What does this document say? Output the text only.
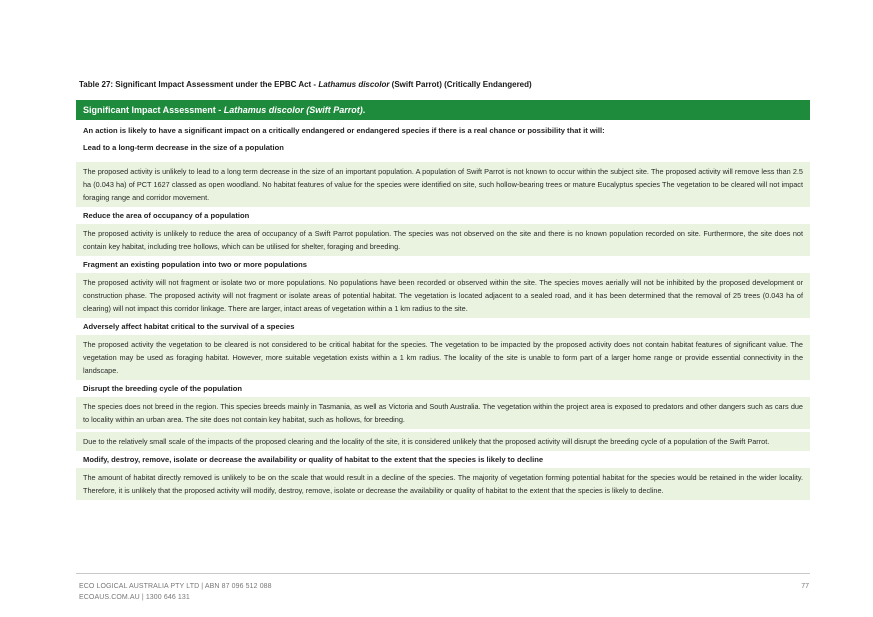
Table 27: Significant Impact Assessment under the EPBC Act - Lathamus discolor (Swift Parrot) (Critically Endangered)
Significant Impact Assessment - Lathamus discolor (Swift Parrot).
An action is likely to have a significant impact on a critically endangered or endangered species if there is a real chance or possibility that it will:
Lead to a long-term decrease in the size of a population
The proposed activity is unlikely to lead to a long term decrease in the size of an important population. A population of Swift Parrot is not known to occur within the subject site. The proposed activity will remove less than 2.5 ha (0.043 ha) of PCT 1627 classed as open woodland. No habitat features of value for the species were identified on site, such hollow-bearing trees or mature Eucalyptus species The vegetation to be cleared will not impact foraging range and corridor movement.
Reduce the area of occupancy of a population
The proposed activity is unlikely to reduce the area of occupancy of a Swift Parrot population. The species was not observed on the site and there is no known population recorded on site. Furthermore, the site does not contain key habitat, including tree hollows, which can be utilised for shelter, foraging and breeding.
Fragment an existing population into two or more populations
The proposed activity will not fragment or isolate two or more populations. No populations have been recorded or observed within the site. The species moves aerially will not be inhibited by the proposed development or construction phase. The proposed activity will not fragment or isolate areas of potential habitat. The vegetation is located adjacent to a sealed road, and it has been determined that the removal of 25 trees (0.043 ha of clearing) will not impact this corridor linkage. There are larger, intact areas of vegetation within a 1 km radius to the site.
Adversely affect habitat critical to the survival of a species
The proposed activity the vegetation to be cleared is not considered to be critical habitat for the species. The vegetation to be impacted by the proposed activity does not contain habitat features of significant value. The vegetation may be used as foraging habitat. However, more suitable vegetation exists within a 1 km radius. The locality of the site is unable to form part of a larger home range or provide essential connectivity in the landscape.
Disrupt the breeding cycle of the population
The species does not breed in the region. This species breeds mainly in Tasmania, as well as Victoria and South Australia. The vegetation within the project area is exposed to predators and other dangers such as cars due to locality within an urban area. The site does not contain key habitat, such as hollows, for breeding.
Due to the relatively small scale of the impacts of the proposed clearing and the locality of the site, it is considered unlikely that the proposed activity will disrupt the breeding cycle of a population of the Swift Parrot.
Modify, destroy, remove, isolate or decrease the availability or quality of habitat to the extent that the species is likely to decline
The amount of habitat directly removed is unlikely to be on the scale that would result in a decline of the species. The majority of vegetation forming potential habitat for the species would be retained in the wider locality. Therefore, it is unlikely that the proposed activity will modify, destroy, remove, isolate or decrease the availability or quality of habitat to the extent that the species is likely to decline.
ECO LOGICAL AUSTRALIA PTY LTD | ABN 87 096 512 088
ECOAUS.COM.AU | 1300 646 131
77
